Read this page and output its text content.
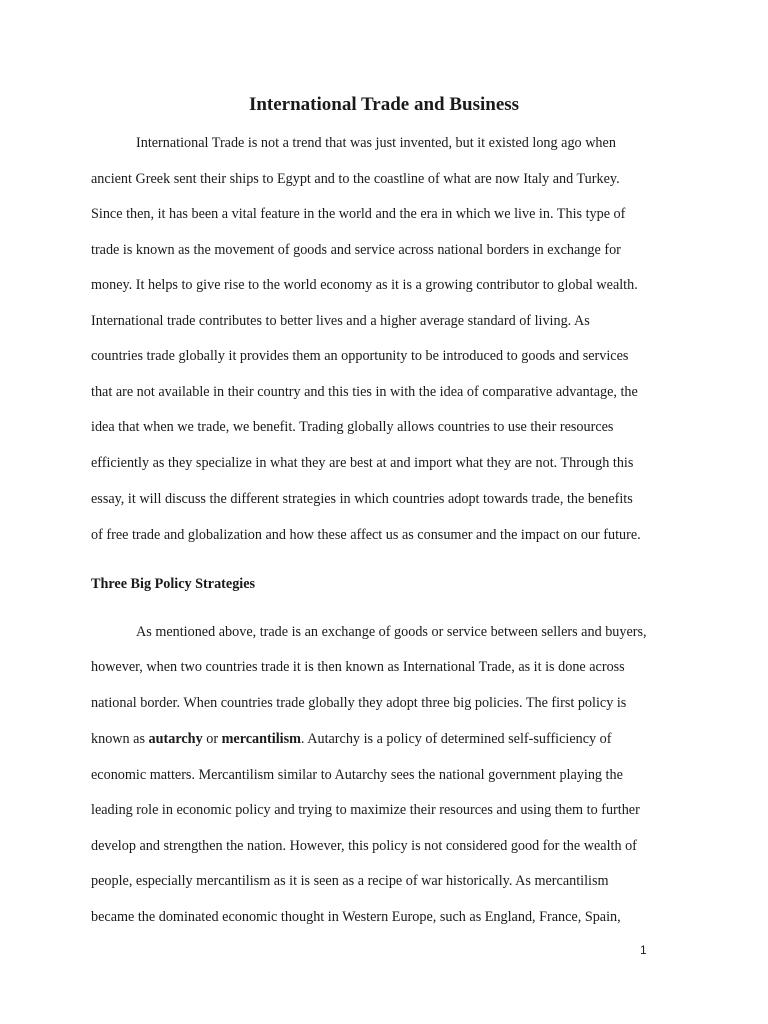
International Trade and Business

International Trade is not a trend that was just invented, but it existed long ago when

ancient Greek sent their ships to Egypt and to the coastline of what are now Italy and Turkey.

Since then, it has been a vital feature in the world and the era in which we live in. This type of

trade is known as the movement of goods and service across national borders in exchange for

money. It helps to give rise to the world economy as it is a growing contributor to global wealth.

International trade contributes to better lives and a higher average standard of living. As

countries trade globally it provides them an opportunity to be introduced to goods and services

that are not available in their country and this ties in with the idea of comparative advantage, the

idea that when we trade, we benefit. Trading globally allows countries to use their resources

efficiently as they specialize in what they are best at and import what they are not. Through this

essay, it will discuss the different strategies in which countries adopt towards trade, the benefits

of free trade and globalization and how these affect us as consumer and the impact on our future.

Three Big Policy Strategies

As mentioned above, trade is an exchange of goods or service between sellers and buyers,

however, when two countries trade it is then known as International Trade, as it is done across

national border. When countries trade globally they adopt three big policies. The first policy is

known as autarchy or mercantilism. Autarchy is a policy of determined self-sufficiency of

economic matters. Mercantilism similar to Autarchy sees the national government playing the

leading role in economic policy and trying to maximize their resources and using them to further

develop and strengthen the nation. However, this policy is not considered good for the wealth of

people, especially mercantilism as it is seen as a recipe of war historically. As mercantilism

became the dominated economic thought in Western Europe, such as England, France, Spain,

1
